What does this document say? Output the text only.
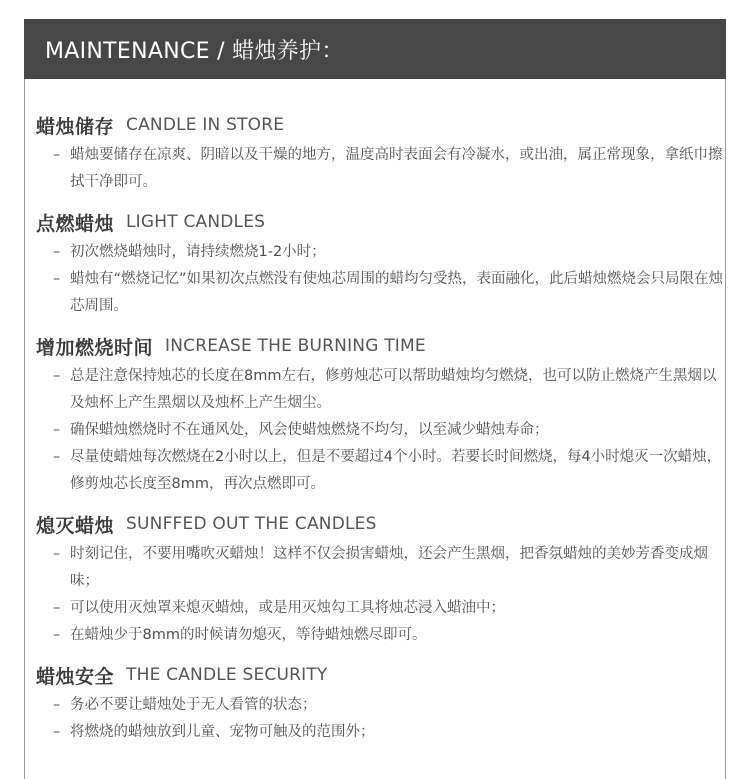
MAINTENANCE / 蜡烛养护：
蜡烛储存 CANDLE IN STORE
– 蜡烛要储存在凉爽、阴暗以及干燥的地方，温度高时表面会有冷凝水，或出油，属正常现象，拿纸巾擦拭干净即可。
点燃蜡烛 LIGHT CANDLES
– 初次燃烧蜡烛时，请持续燃烧1-2小时；
– 蜡烛有“燃烧记忆”如果初次点燃没有使烛芯周围的蜡均匀受热，表面融化，此后蜡烛燃烧会只局限在烛芯周围。
增加燃烧时间 INCREASE THE BURNING TIME
– 总是注意保持烛芯的长度在8mm左右，修剪烛芯可以帮助蜡烛均匀燃烧，也可以防止燃烧产生黑烟以及烛杯上产生黑烟以及烛杯上产生烟尘。
– 确保蜡烛燃烧时不在通风处，风会使蜡烛燃烧不均匀，以至减少蜡烛寿命；
– 尽量使蜡烛每次燃烧在2小时以上，但是不要超过4个小时。若要长时间燃烧，每4小时熄灭一次蜡烛，修剪烛芯长度至8mm，再次点燃即可。
熄灭蜡烛 SUNFFED OUT THE CANDLES
– 时刻记住，不要用嘴吹灭蜡烛！这样不仅会损害蜡烛，还会产生黑烟，把香氛蜡烛的美妙芳香变成烟味；
– 可以使用灭烛罩来熄灭蜡烛，或是用灭烛勾工具将烛芯浸入蜡油中；
– 在蜡烛少于8mm的时候请勿熄灭，等待蜡烛燃尽即可。
蜡烛安全 THE CANDLE SECURITY
– 务必不要让蜡烛处于无人看管的状态；
– 将燃烧的蜡烛放到儿童、宠物可触及的范围外；
